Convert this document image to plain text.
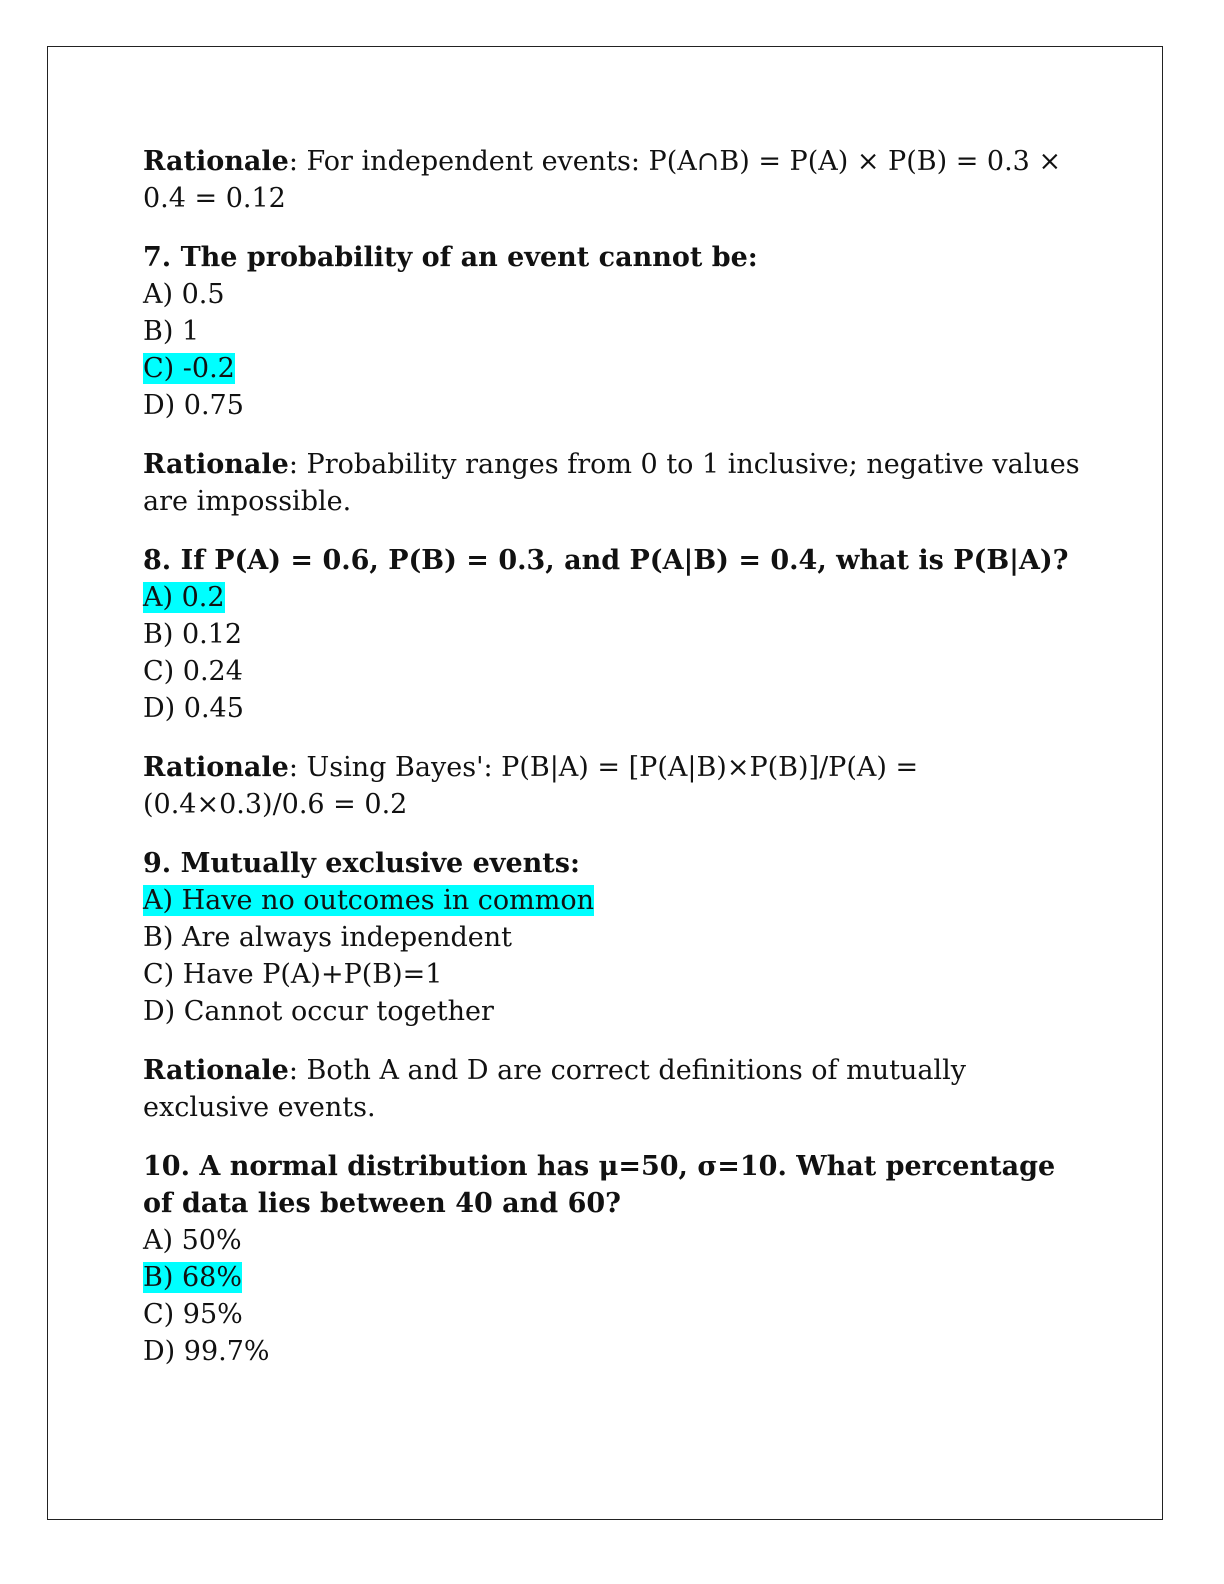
Rationale: For independent events: P(A∩B) = P(A) × P(B) = 0.3 × 0.4 = 0.12

7. The probability of an event cannot be:

A) 0.5
B) 1
C) -0.2
D) 0.75

Rationale: Probability ranges from 0 to 1 inclusive; negative values are impossible.

8. If P(A) = 0.6, P(B) = 0.3, and P(A|B) = 0.4, what is P(B|A)?

A) 0.2
B) 0.12
C) 0.24
D) 0.45

Rationale: Using Bayes': P(B|A) = [P(A|B)×P(B)]/P(A) = (0.4×0.3)/0.6 = 0.2

9. Mutually exclusive events:

A) Have no outcomes in common
B) Are always independent
C) Have P(A)+P(B)=1
D) Cannot occur together

Rationale: Both A and D are correct definitions of mutually exclusive events.

10. A normal distribution has μ=50, σ=10. What percentage of data lies between 40 and 60?

A) 50%
B) 68%
C) 95%
D) 99.7%
